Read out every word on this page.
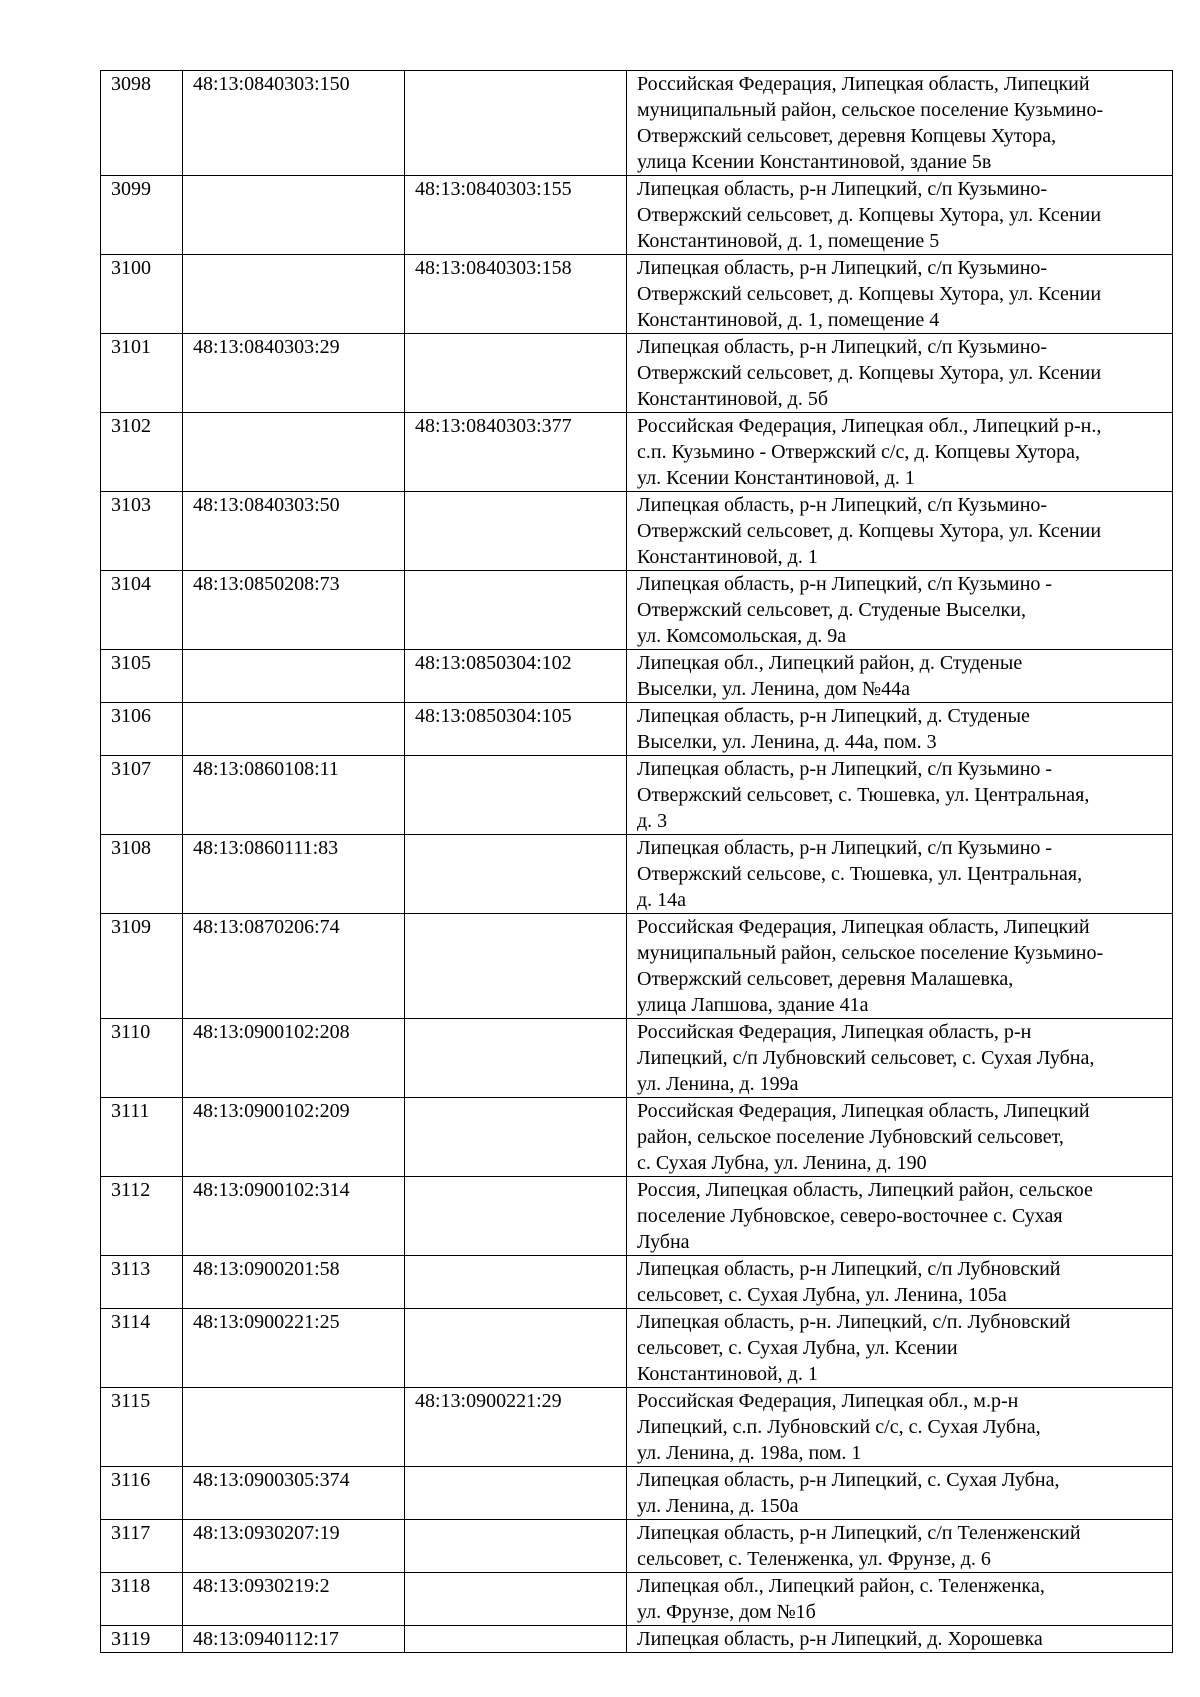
3098	48:13:0840303:150		Российская Федерация, Липецкая область, Липецкий
муниципальный район, сельское поселение Кузьмино-
Отвержский сельсовет, деревня Копцевы Хутора,
улица Ксении Константиновой, здание 5в
3099		48:13:0840303:155	Липецкая область, р-н Липецкий, с/п Кузьмино-
Отвержский сельсовет, д. Копцевы Хутора, ул. Ксении
Константиновой, д. 1, помещение 5
3100		48:13:0840303:158	Липецкая область, р-н Липецкий, с/п Кузьмино-
Отвержский сельсовет, д. Копцевы Хутора, ул. Ксении
Константиновой, д. 1, помещение 4
3101	48:13:0840303:29		Липецкая область, р-н Липецкий, с/п Кузьмино-
Отвержский сельсовет, д. Копцевы Хутора, ул. Ксении
Константиновой, д. 5б
3102		48:13:0840303:377	Российская Федерация, Липецкая обл., Липецкий р-н.,
с.п. Кузьмино - Отвержский с/с, д. Копцевы Хутора,
ул. Ксении Константиновой, д. 1
3103	48:13:0840303:50		Липецкая область, р-н Липецкий, с/п Кузьмино-
Отвержский сельсовет, д. Копцевы Хутора, ул. Ксении
Константиновой, д. 1
3104	48:13:0850208:73		Липецкая область, р-н Липецкий, с/п Кузьмино -
Отвержский сельсовет, д. Студеные Выселки,
ул. Комсомольская, д. 9а
3105		48:13:0850304:102	Липецкая обл., Липецкий район, д. Студеные
Выселки, ул. Ленина, дом №44а
3106		48:13:0850304:105	Липецкая область, р-н Липецкий, д. Студеные
Выселки, ул. Ленина, д. 44а, пом. 3
3107	48:13:0860108:11		Липецкая область, р-н Липецкий, с/п Кузьмино -
Отвержский сельсовет, с. Тюшевка, ул. Центральная,
д. 3
3108	48:13:0860111:83		Липецкая область, р-н Липецкий, с/п Кузьмино -
Отвержский сельсове, с. Тюшевка, ул. Центральная,
д. 14а
3109	48:13:0870206:74		Российская Федерация, Липецкая область, Липецкий
муниципальный район, сельское поселение Кузьмино-
Отвержский сельсовет, деревня Малашевка,
улица Лапшова, здание 41а
3110	48:13:0900102:208		Российская Федерация, Липецкая область, р-н
Липецкий, с/п Лубновский сельсовет, с. Сухая Лубна,
ул. Ленина, д. 199а
3111	48:13:0900102:209		Российская Федерация, Липецкая область, Липецкий
район, сельское поселение Лубновский сельсовет,
с. Сухая Лубна, ул. Ленина, д. 190
3112	48:13:0900102:314		Россия, Липецкая область, Липецкий район, сельское
поселение Лубновское, северо-восточнее с. Сухая
Лубна
3113	48:13:0900201:58		Липецкая область, р-н Липецкий, с/п Лубновский
сельсовет, с. Сухая Лубна, ул. Ленина, 105а
3114	48:13:0900221:25		Липецкая область, р-н. Липецкий, с/п. Лубновский
сельсовет, с. Сухая Лубна, ул. Ксении
Константиновой, д. 1
3115		48:13:0900221:29	Российская Федерация, Липецкая обл., м.р-н
Липецкий, с.п. Лубновский с/с, с. Сухая Лубна,
ул. Ленина, д. 198а, пом. 1
3116	48:13:0900305:374		Липецкая область, р-н Липецкий, с. Сухая Лубна,
ул. Ленина, д. 150а
3117	48:13:0930207:19		Липецкая область, р-н Липецкий, с/п Теленженский
сельсовет, с. Теленженка, ул. Фрунзе, д. 6
3118	48:13:0930219:2		Липецкая обл., Липецкий район, с. Теленженка,
ул. Фрунзе, дом №1б
3119	48:13:0940112:17		Липецкая область, р-н Липецкий, д. Хорошевка
